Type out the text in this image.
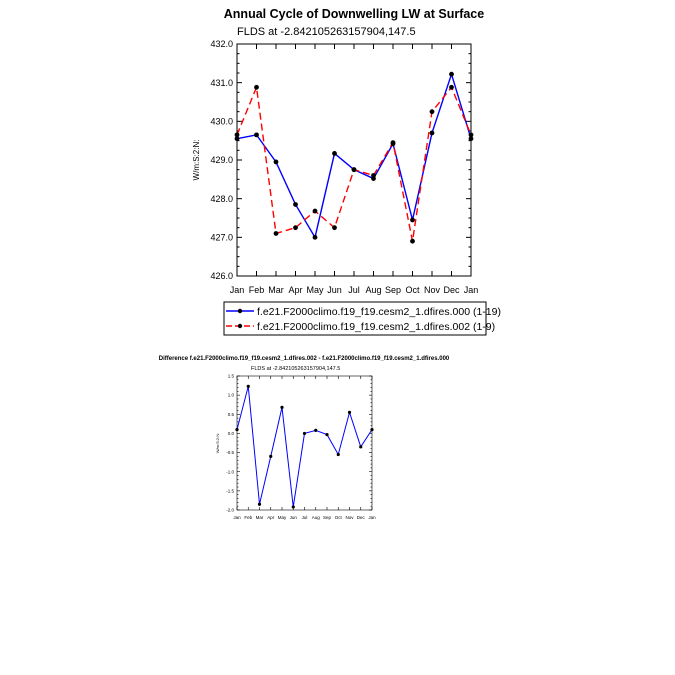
Annual Cycle of Downwelling LW at Surface
FLDS at -2.842105263157904,147.5
W/m:S:2:N:
Jan Feb Mar Apr May Jun Jul Aug Sep Oct Nov Dec Jan
426.0
427.0
428.0
429.0
430.0
431.0
432.0
f.e21.F2000climo.f19_f19.cesm2_1.dfires.000 (1-19)
f.e21.F2000climo.f19_f19.cesm2_1.dfires.002 (1-9)
Difference f.e21.F2000climo.f19_f19.cesm2_1.dfires.002 - f.e21.F2000climo.f19_f19.cesm2_1.dfires.000
FLDS at -2.842105263157904,147.5
W/m:S:2:N:
Jan Feb Mar Apr May Jun Jul Aug Sep Oct Nov Dec Jan
-2.0
-1.5
-1.0
-0.5
0.0
0.5
1.0
1.5
